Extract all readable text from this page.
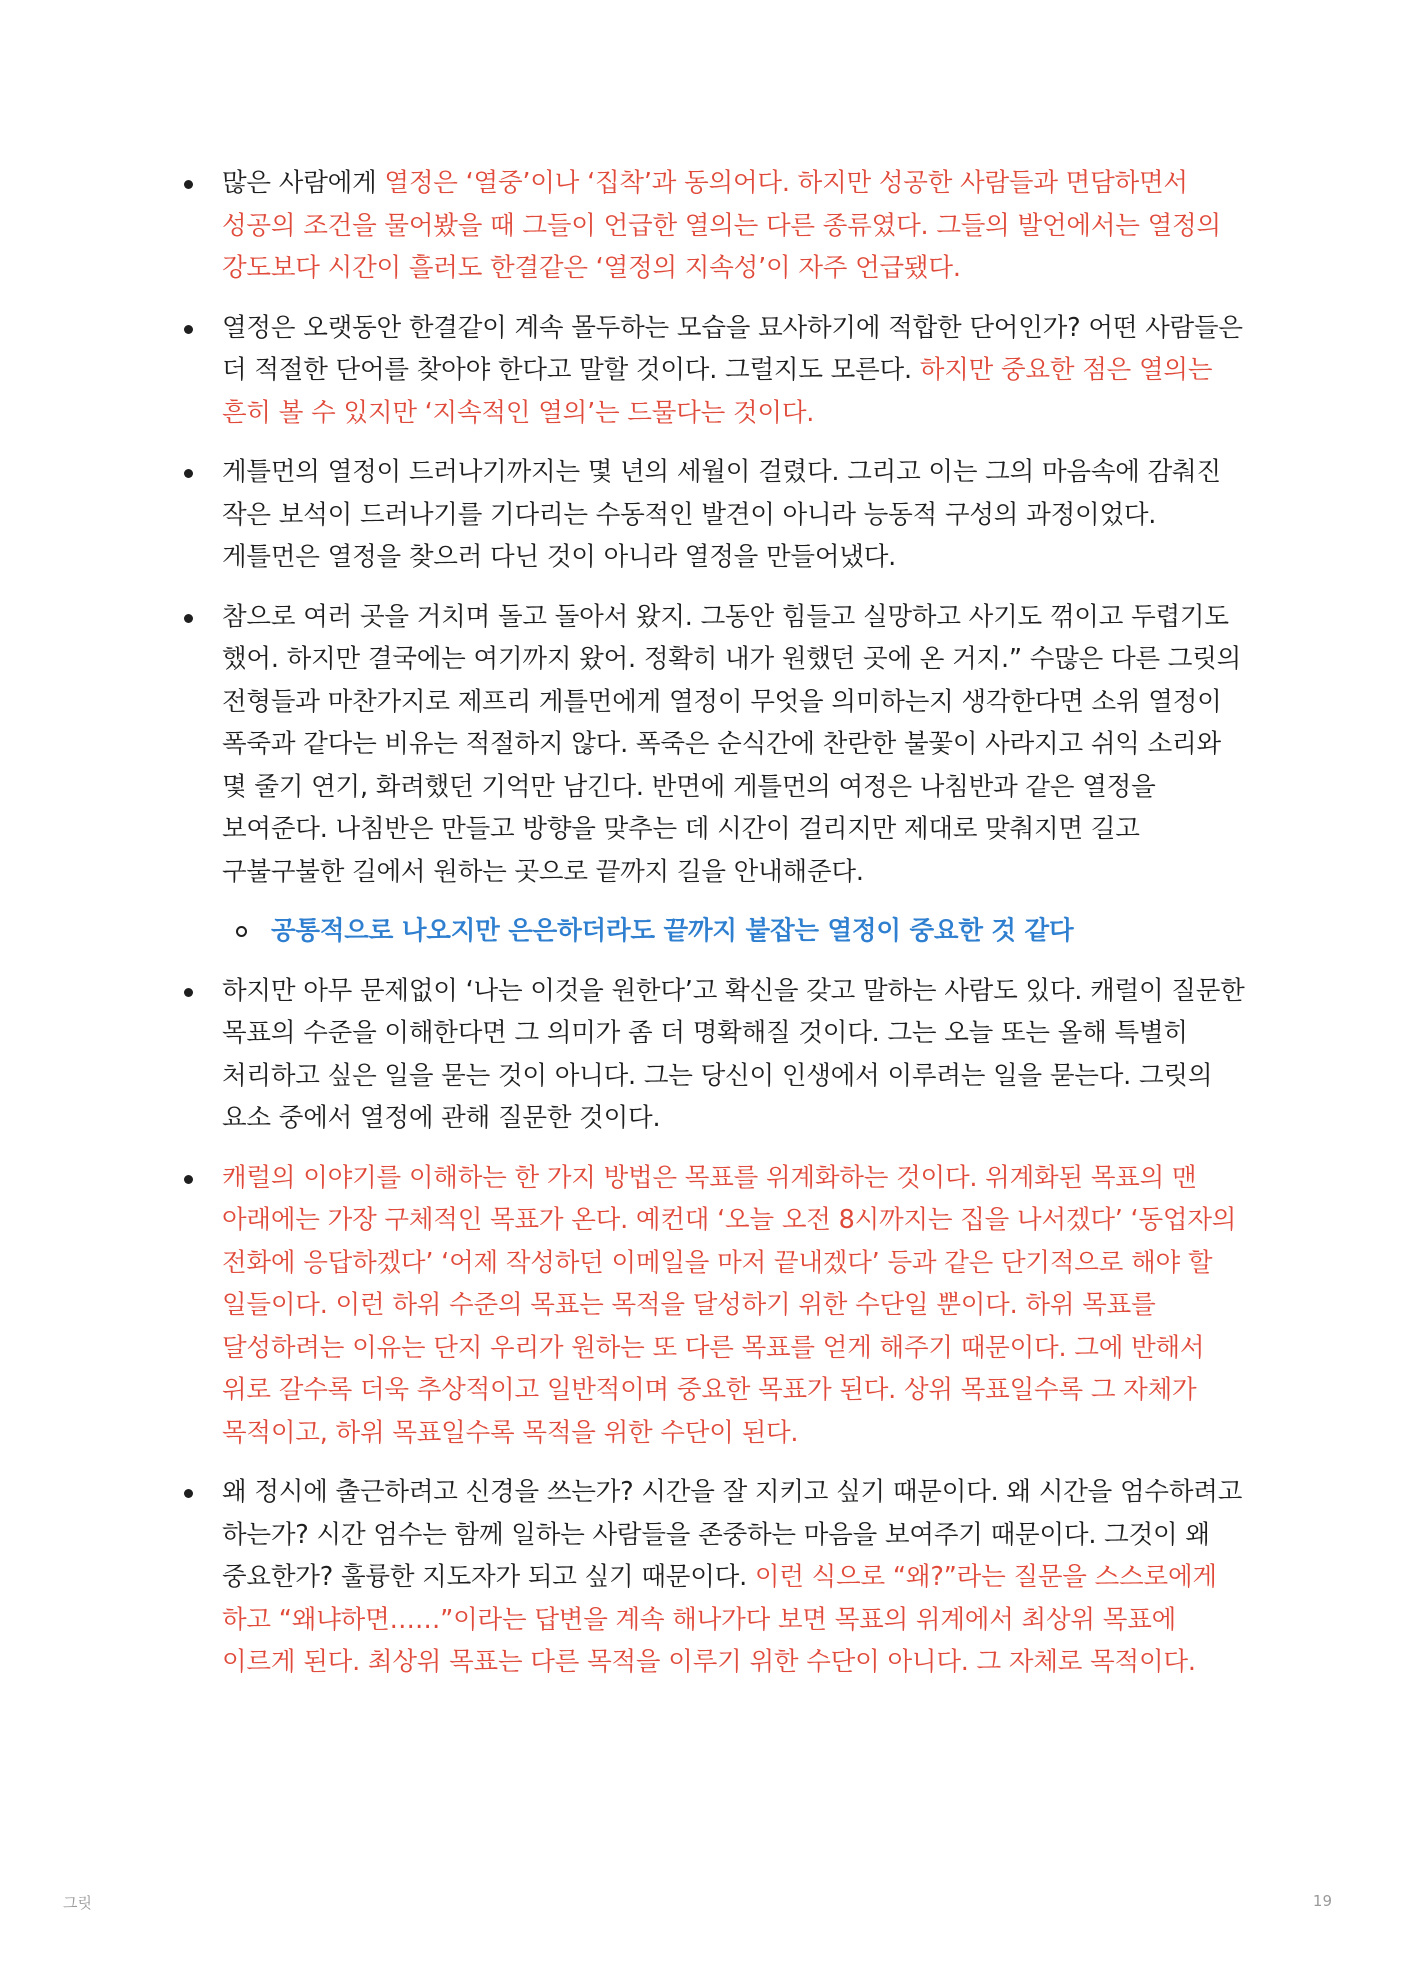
많은 사람에게 열정은 ‘열중’이나 ‘집착’과 동의어다. 하지만 성공한 사람들과 면담하면서 성공의 조건을 물어봤을 때 그들이 언급한 열의는 다른 종류였다. 그들의 발언에서는 열정의 강도보다 시간이 흘러도 한결같은 ‘열정의 지속성’이 자주 언급됐다.
열정은 오랫동안 한결같이 계속 몰두하는 모습을 묘사하기에 적합한 단어인가? 어떤 사람들은 더 적절한 단어를 찾아야 한다고 말할 것이다. 그럴지도 모른다. 하지만 중요한 점은 열의는 흔히 볼 수 있지만 ‘지속적인 열의’는 드물다는 것이다.
게틀먼의 열정이 드러나기까지는 몇 년의 세월이 걸렸다. 그리고 이는 그의 마음속에 감춰진 작은 보석이 드러나기를 기다리는 수동적인 발견이 아니라 능동적 구성의 과정이었다. 게틀먼은 열정을 찾으러 다닌 것이 아니라 열정을 만들어냈다.
참으로 여러 곳을 거치며 돌고 돌아서 왔지. 그동안 힘들고 실망하고 사기도 꺾이고 두렵기도 했어. 하지만 결국에는 여기까지 왔어. 정확히 내가 원했던 곳에 온 거지.” 수많은 다른 그릿의 전형들과 마찬가지로 제프리 게틀먼에게 열정이 무엇을 의미하는지 생각한다면 소위 열정이 폭죽과 같다는 비유는 적절하지 않다. 폭죽은 순식간에 찬란한 불꽃이 사라지고 쉬익 소리와 몇 줄기 연기, 화려했던 기억만 남긴다. 반면에 게틀먼의 여정은 나침반과 같은 열정을 보여준다. 나침반은 만들고 방향을 맞추는 데 시간이 걸리지만 제대로 맞춰지면 길고 구불구불한 길에서 원하는 곳으로 끝까지 길을 안내해준다.
공통적으로 나오지만 은은하더라도 끝까지 붙잡는 열정이 중요한 것 같다
하지만 아무 문제없이 ‘나는 이것을 원한다’고 확신을 갖고 말하는 사람도 있다. 캐럴이 질문한 목표의 수준을 이해한다면 그 의미가 좀 더 명확해질 것이다. 그는 오늘 또는 올해 특별히 처리하고 싶은 일을 묻는 것이 아니다. 그는 당신이 인생에서 이루려는 일을 묻는다. 그릿의 요소 중에서 열정에 관해 질문한 것이다.
캐럴의 이야기를 이해하는 한 가지 방법은 목표를 위계화하는 것이다. 위계화된 목표의 맨 아래에는 가장 구체적인 목표가 온다. 예컨대 ‘오늘 오전 8시까지는 집을 나서겠다’ ‘동업자의 전화에 응답하겠다’ ‘어제 작성하던 이메일을 마저 끝내겠다’ 등과 같은 단기적으로 해야 할 일들이다. 이런 하위 수준의 목표는 목적을 달성하기 위한 수단일 뿐이다. 하위 목표를 달성하려는 이유는 단지 우리가 원하는 또 다른 목표를 얻게 해주기 때문이다. 그에 반해서 위로 갈수록 더욱 추상적이고 일반적이며 중요한 목표가 된다. 상위 목표일수록 그 자체가 목적이고, 하위 목표일수록 목적을 위한 수단이 된다.
왜 정시에 출근하려고 신경을 쓰는가? 시간을 잘 지키고 싶기 때문이다. 왜 시간을 엄수하려고 하는가? 시간 엄수는 함께 일하는 사람들을 존중하는 마음을 보여주기 때문이다. 그것이 왜 중요한가? 훌륭한 지도자가 되고 싶기 때문이다. 이런 식으로 “왜?”라는 질문을 스스로에게 하고 “왜냐하면……”이라는 답변을 계속 해나가다 보면 목표의 위계에서 최상위 목표에 이르게 된다. 최상위 목표는 다른 목적을 이루기 위한 수단이 아니다. 그 자체로 목적이다.
그릿	19
